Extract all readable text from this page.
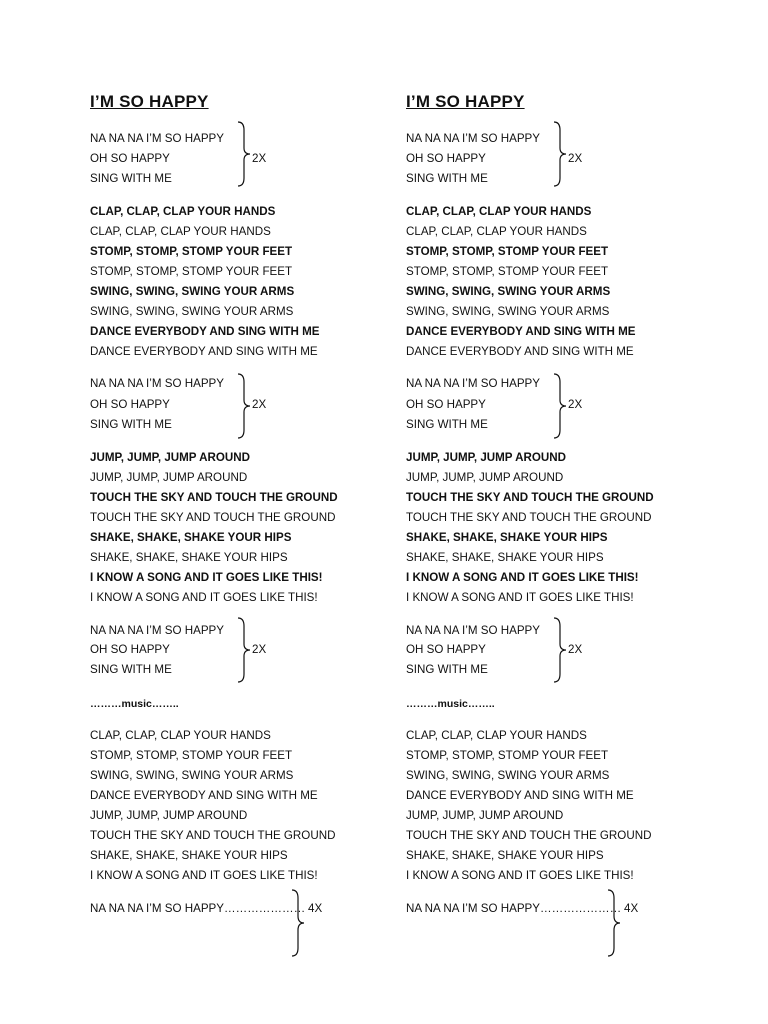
I’M SO HAPPY
NA NA NA I’M SO HAPPY
OH SO HAPPY
SING WITH ME
2X
CLAP, CLAP, CLAP YOUR HANDS
CLAP, CLAP, CLAP YOUR HANDS
STOMP, STOMP, STOMP YOUR FEET
STOMP, STOMP, STOMP YOUR FEET
SWING, SWING, SWING YOUR ARMS
SWING, SWING, SWING YOUR ARMS
DANCE EVERYBODY AND SING WITH ME
DANCE EVERYBODY AND SING WITH ME
NA NA NA I’M SO HAPPY
OH SO HAPPY
SING WITH ME
2X
JUMP, JUMP, JUMP AROUND
JUMP, JUMP, JUMP AROUND
TOUCH THE SKY AND TOUCH THE GROUND
TOUCH THE SKY AND TOUCH THE GROUND
SHAKE, SHAKE, SHAKE YOUR HIPS
SHAKE, SHAKE, SHAKE YOUR HIPS
I KNOW A SONG AND IT GOES LIKE THIS!
I KNOW A SONG AND IT GOES LIKE THIS!
NA NA NA I’M SO HAPPY
OH SO HAPPY
SING WITH ME
2X
………music……..
CLAP, CLAP, CLAP YOUR HANDS
STOMP, STOMP, STOMP YOUR FEET
SWING, SWING, SWING YOUR ARMS
DANCE EVERYBODY AND SING WITH ME
JUMP, JUMP, JUMP AROUND
TOUCH THE SKY AND TOUCH THE GROUND
SHAKE, SHAKE, SHAKE YOUR HIPS
I KNOW A SONG AND IT GOES LIKE THIS!
NA NA NA I’M SO HAPPY………………… 4X
I’M SO HAPPY
NA NA NA I’M SO HAPPY
OH SO HAPPY
SING WITH ME
2X
CLAP, CLAP, CLAP YOUR HANDS
CLAP, CLAP, CLAP YOUR HANDS
STOMP, STOMP, STOMP YOUR FEET
STOMP, STOMP, STOMP YOUR FEET
SWING, SWING, SWING YOUR ARMS
SWING, SWING, SWING YOUR ARMS
DANCE EVERYBODY AND SING WITH ME
DANCE EVERYBODY AND SING WITH ME
NA NA NA I’M SO HAPPY
OH SO HAPPY
SING WITH ME
2X
JUMP, JUMP, JUMP AROUND
JUMP, JUMP, JUMP AROUND
TOUCH THE SKY AND TOUCH THE GROUND
TOUCH THE SKY AND TOUCH THE GROUND
SHAKE, SHAKE, SHAKE YOUR HIPS
SHAKE, SHAKE, SHAKE YOUR HIPS
I KNOW A SONG AND IT GOES LIKE THIS!
I KNOW A SONG AND IT GOES LIKE THIS!
NA NA NA I’M SO HAPPY
OH SO HAPPY
SING WITH ME
2X
………music……..
CLAP, CLAP, CLAP YOUR HANDS
STOMP, STOMP, STOMP YOUR FEET
SWING, SWING, SWING YOUR ARMS
DANCE EVERYBODY AND SING WITH ME
JUMP, JUMP, JUMP AROUND
TOUCH THE SKY AND TOUCH THE GROUND
SHAKE, SHAKE, SHAKE YOUR HIPS
I KNOW A SONG AND IT GOES LIKE THIS!
NA NA NA I’M SO HAPPY………………… 4X
